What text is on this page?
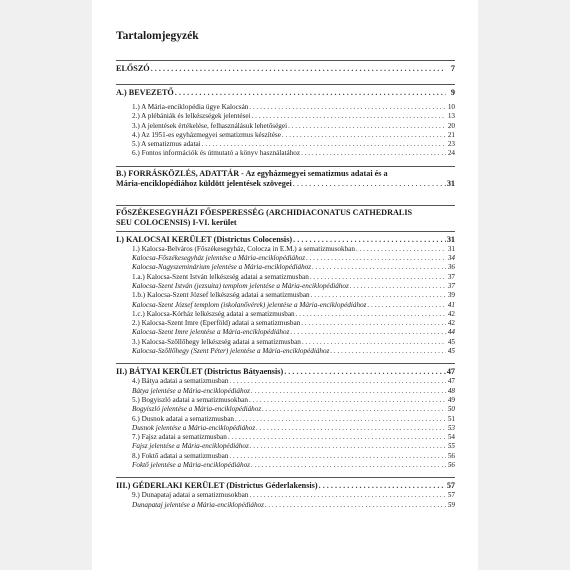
Tartalomjegyzék
ELŐSZÓ . . .	7
A.) BEVEZETŐ . . .	9
1.) A Mária-enciklopédia ügye Kalocsán . . .	10
2.) A plébániák és lelkészségek jelentései . . .	13
3.) A jelentések értékelése, felhasználásuk lehetőségei . . .	20
4.) Az 1951-es egyházmegyei sematizmus készítése . . .	21
5.) A sematizmus adatai . . .	23
6.) Fontos információk és útmutató a könyv használatához . . .	24
B.) FORRÁSKÖZLÉS, ADATTÁR - Az egyházmegyei sematizmus adatai és a
Mária-enciklopédiához küldött jelentések szövegei . . .	31
FŐSZÉKESEGYHÁZI FŐESPERESSÉG (ARCHIDIACONATUS CATHEDRALIS
SEU COLOCENSIS) I-VI. kerület
I.) KALOCSAI KERÜLET (Districtus Colocensis) . . .	31
1.) Kalocsa-Belváros (Főszékesegyház, Colocza in E.M.) a sematizmusokban . . .	31
Kalocsa-Főszékesegyház jelentése a Mária-enciklopédiához . . .	34
Kalocsa-Nagyszeminárium jelentése a Mária-enciklopédiához . . .	36
1.a.) Kalocsa-Szent István lelkészség adatai a sematizmusban . . .	37
Kalocsa-Szent István (jezsuita) templom jelentése a Mária-enciklopédiához . . .	37
1.b.) Kalocsa-Szent József lelkészség adatai a sematizmusban . . .	39
Kalocsa-Szent József templom (iskolanővérek) jelentése a Mária-enciklopédiához . . .	41
1.c.) Kalocsa-Kórház lelkészség adatai a sematizmusban . . .	42
2.) Kalocsa-Szent Imre (Eperföld) adatai a sematizmusban . . .	42
Kalocsa-Szent Imre jelentése a Mária-enciklopédiához . . .	44
3.) Kalocsa-Szőllőhegy lelkészség adatai a sematizmusban . . .	45
Kalocsa-Szőllőhegy (Szent Péter) jelentése a Mária-enciklopédiához . . .	45
II.) BÁTYAI KERÜLET (Districtus Bátyaensis) . . .	47
4.) Bátya adatai a sematizmusban . . .	47
Bátya jelentése a Mária-enciklopédiához . . .	48
5.) Bogyiszló adatai a sematizmusokban . . .	49
Bogyiszló jelentése a Mária-enciklopédiához . . .	50
6.) Dusnok adatai a sematizmusban . . .	51
Dusnok jelentése a Mária-enciklopédiához . . .	53
7.) Fajsz adatai a sematizmusban . . .	54
Fajsz jelentése a Mária-enciklopédiához . . .	55
8.) Foktő adatai a sematizmusban . . .	56
Foktő jelentése a Mária-enciklopédiához . . .	56
III.) GÉDERLAKI KERÜLET (Districtus Géderlakensis) . . .	57
9.) Dunapataj adatai a sematizmusokban . . .	57
Dunapataj jelentése a Mária-enciklopédiához . . .	59
